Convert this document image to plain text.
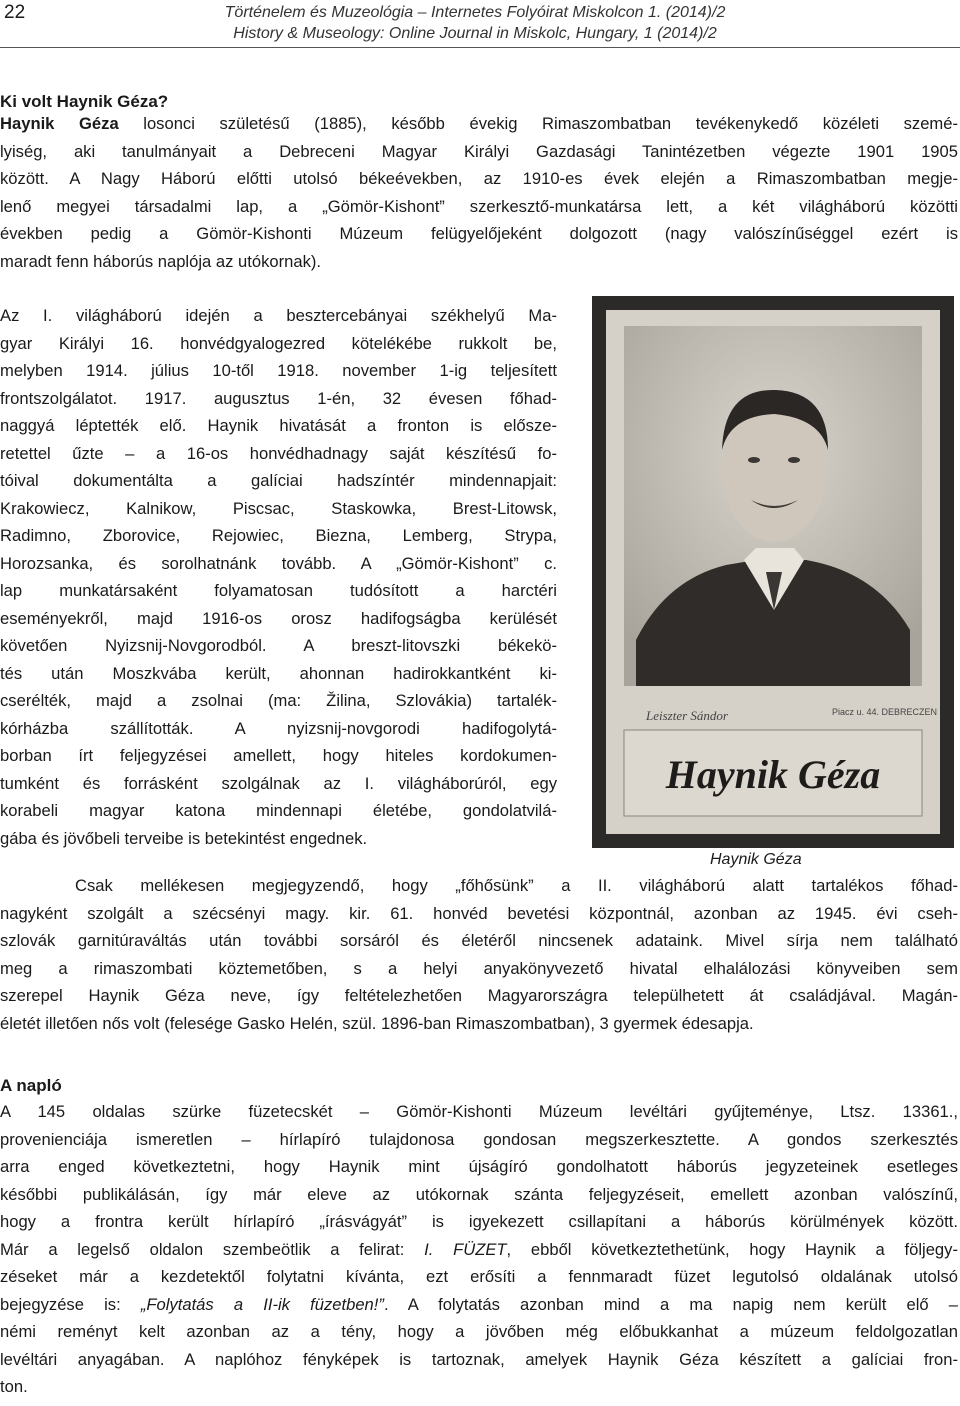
22	Történelem és Muzeológia – Internetes Folyóirat Miskolcon 1. (2014)/2
History & Museology: Online Journal in Miskolc, Hungary, 1 (2014)/2
Ki volt Haynik Géza?
Haynik Géza losonci születésű (1885), később évekig Rimaszombatban tevékenykedő közéleti szemé-
lyiség, aki tanulmányait a Debreceni Magyar Királyi Gazdasági Tanintézetben végezte 1901 1905
között. A Nagy Háború előtti utolsó békeévekben, az 1910-es évek elején a Rimaszombatban megje-
lenő megyei társadalmi lap, a „Gömör-Kishont” szerkesztő-munkatársa lett, a két világháború közötti
években pedig a Gömör-Kishonti Múzeum felügyelőjeként dolgozott (nagy valószínűséggel ezért is
maradt fenn háborús naplója az utókornak).
Az I. világháború idején a besztercebányai székhelyű Ma-
gyar Királyi 16. honvédgyalogezred kötelékébe rukkolt be,
melyben 1914. július 10-től 1918. november 1-ig teljesített
frontszolgálatot. 1917. augusztus 1-én, 32 évesen főhad-
naggyá léptették elő. Haynik hivatását a fronton is előszе-
retettel űzte – a 16-os honvédhadnagy saját készítésű fo-
tóival dokumentálta a galíciai hadszíntér mindennapjait:
Krakowiecz, Kalnikow, Piscsac, Staskowka, Brest-Litowsk,
Radimno, Zborovice, Rejowiec, Biezna, Lemberg, Strypa,
Horozsanka, és sorolhatnánk tovább. A „Gömör-Kishont” c.
lap munkatársaként folyamatosan tudósított a harctéri
eseményekről, majd 1916-os orosz hadifogságba kerülését
követően Nyizsnij-Novgorodból. A breszt-litovszki békekö-
tés után Moszkvába került, ahonnan hadirokkantként ki-
cserélték, majd a zsolnai (ma: Žilina, Szlovákia) tartalék-
kórházba szállították. A nyizsnij-novgorodi hadifogolytá-
borban írt feljegyzései amellett, hogy hiteles kordokumen-
tumként és forrásként szolgálnak az I. világháborúról, egy
korabeli magyar katona mindennapi életébe, gondolatvilá-
gába és jövőbeli terveibe is betekintést engednek.
Leiszter Sándor	Piacz u. 44. DEBRECZEN
Haynik Géza
Haynik Géza
Csak mellékesen megjegyzendő, hogy „főhősünk” a II. világháború alatt tartalékos főhad-
nagyként szolgált a szécsényi magy. kir. 61. honvéd bevetési központnál, azonban az 1945. évi cseh-
szlovák garnitúraváltás után további sorsáról és életéről nincsenek adataink. Mivel sírja nem található
meg a rimaszombati köztemetőben, s a helyi anyakönyvezető hivatal elhalálozási könyveiben sem
szerepel Haynik Géza neve, így feltételezhetően Magyarországra települhetett át családjával. Magán-
életét illetően nős volt (felesége Gasko Helén, szül. 1896-ban Rimaszombatban), 3 gyermek édesapja.
A napló
A 145 oldalas szürke füzetecskét – Gömör-Kishonti Múzeum levéltári gyűjteménye, Ltsz. 13361.,
provenienciája ismeretlen – hírlapíró tulajdonosa gondosan megszerkesztette. A gondos szerkesztés
arra enged következtetni, hogy Haynik mint újságíró gondolhatott háborús jegyzeteinek esetleges
későbbi publikálásán, így már eleve az utókornak szánta feljegyzéseit, emellett azonban valószínű,
hogy a frontra került hírlapíró „írásvágyát” is igyekezett csillapítani a háborús körülmények között.
Már a legelső oldalon szembeötlik a felirat: I. FÜZET, ebből következtethetünk, hogy Haynik a följegy-
zéseket már a kezdetektől folytatni kívánta, ezt erősíti a fennmaradt füzet legutolsó oldalának utolsó
bejegyzése is: „Folytatás a II-ik füzetben!”. A folytatás azonban mind a ma napig nem került elő –
némi reményt kelt azonban az a tény, hogy a jövőben még előbukkanhat a múzeum feldolgozatlan
levéltári anyagában. A naplóhoz fényképek is tartoznak, amelyek Haynik Géza készített a galíciai fron-
ton.
